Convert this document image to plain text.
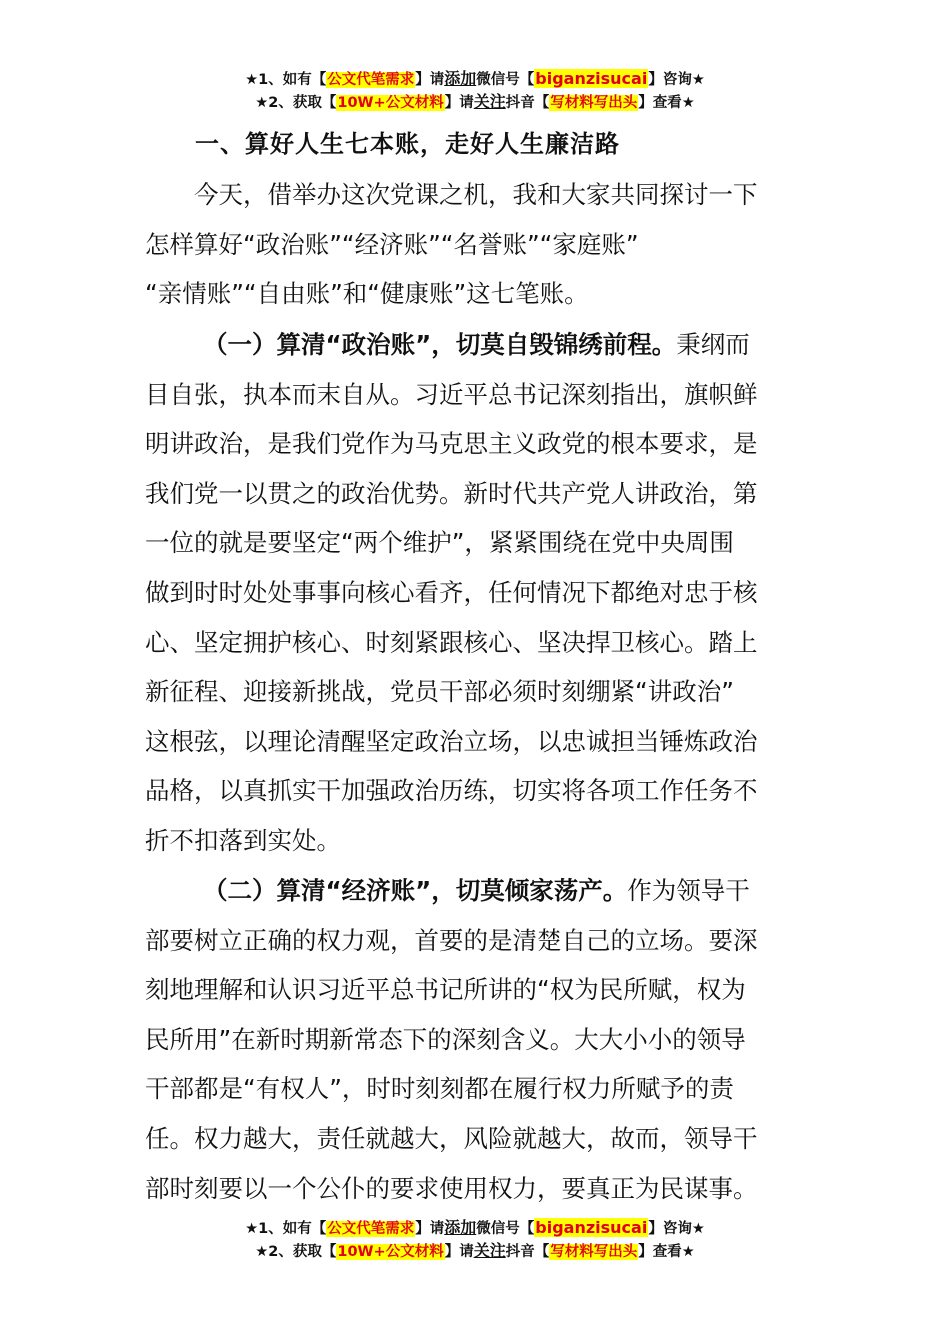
★1、如有【公文代笔需求】请添加微信号【biganzisucai】咨询★
★2、获取【10W+公文材料】请关注抖音【写材料写出头】查看★
一、算好人生七本账，走好人生廉洁路
今天，借举办这次党课之机，我和大家共同探讨一下
怎样算好“政治账”“经济账”“名誉账”“家庭账”
“亲情账”“自由账”和“健康账”这七笔账。
（一）算清“政治账”，切莫自毁锦绣前程。秉纲而
目自张，执本而末自从。习近平总书记深刻指出，旗帜鲜
明讲政治，是我们党作为马克思主义政党的根本要求，是
我们党一以贯之的政治优势。新时代共产党人讲政治，第
一位的就是要坚定“两个维护”，紧紧围绕在党中央周围
做到时时处处事事向核心看齐，任何情况下都绝对忠于核
心、坚定拥护核心、时刻紧跟核心、坚决捍卫核心。踏上
新征程、迎接新挑战，党员干部必须时刻绷紧“讲政治”
这根弦，以理论清醒坚定政治立场，以忠诚担当锤炼政治
品格，以真抓实干加强政治历练，切实将各项工作任务不
折不扣落到实处。
（二）算清“经济账”，切莫倾家荡产。作为领导干
部要树立正确的权力观，首要的是清楚自己的立场。要深
刻地理解和认识习近平总书记所讲的“权为民所赋，权为
民所用”在新时期新常态下的深刻含义。大大小小的领导
干部都是“有权人”，时时刻刻都在履行权力所赋予的责
任。权力越大，责任就越大，风险就越大，故而，领导干
部时刻要以一个公仆的要求使用权力，要真正为民谋事。
★1、如有【公文代笔需求】请添加微信号【biganzisucai】咨询★
★2、获取【10W+公文材料】请关注抖音【写材料写出头】查看★
